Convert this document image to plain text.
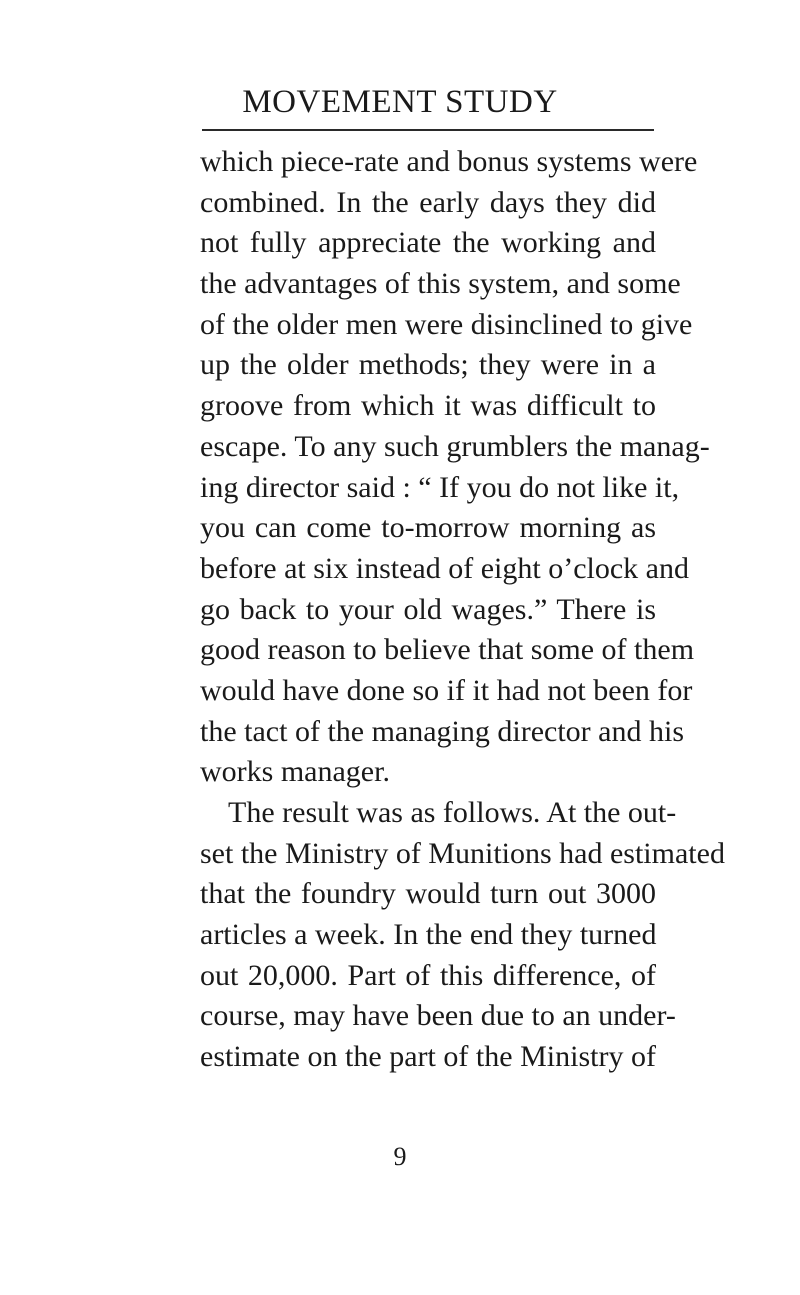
MOVEMENT STUDY
which piece-rate and bonus systems were
combined. In the early days they did
not fully appreciate the working and
the advantages of this system, and some
of the older men were disinclined to give
up the older methods; they were in a
groove from which it was difficult to
escape. To any such grumblers the manag-
ing director said : “ If you do not like it,
you can come to-morrow morning as
before at six instead of eight o’clock and
go back to your old wages.” There is
good reason to believe that some of them
would have done so if it had not been for
the tact of the managing director and his
works manager.
The result was as follows. At the out-
set the Ministry of Munitions had estimated
that the foundry would turn out 3000
articles a week. In the end they turned
out 20,000. Part of this difference, of
course, may have been due to an under-
estimate on the part of the Ministry of
9
